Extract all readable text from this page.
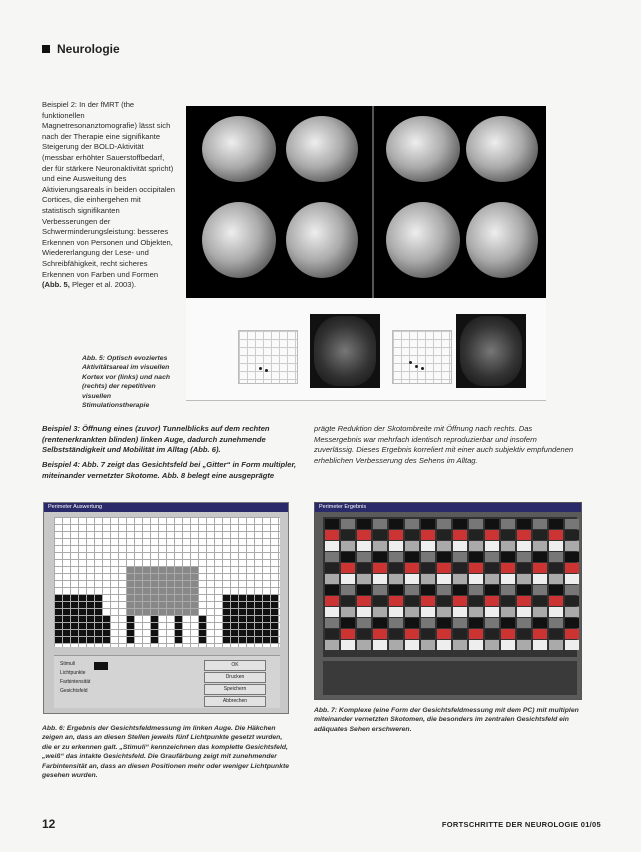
Neurologie
Beispiel 2: In der fMRT (the funktionellen Magnetresonanztomografie) lässt sich nach der Therapie eine signifikante Steigerung der BOLD-Aktivität (messbar erhöhter Sauerstoffbedarf, der für stärkere Neuronaktivität spricht) und eine Ausweitung des Aktivierungsareals in beiden occipitalen Cortices, die einhergehen mit statistisch signifikanten Verbesserungen der Schwerminderungsleistung: besseres Erkennen von Personen und Objekten, Wiedererlangung der Lese- und Schreibfähigkeit, recht sicheres Erkennen von Farben und Formen (Abb. 5, Pleger et al. 2003).
Abb. 5: Optisch evoziertes Aktivitätsareal im visuellen Kortex vor (links) und nach (rechts) der repetitiven visuellen Stimulationstherapie
Beispiel 3: Öffnung eines (zuvor) Tunnelblicks auf dem rechten (rentenerkrankten blinden) linken Auge, dadurch zunehmende Selbstständigkeit und Mobilität im Alltag (Abb. 6).
Beispiel 4: Abb. 7 zeigt das Gesichtsfeld bei „Gitter“ in Form multipler, miteinander vernetzter Skotome. Abb. 8 belegt eine ausgeprägte
prägte Reduktion der Skotombreite mit Öffnung nach rechts. Das Messergebnis war mehrfach identisch reproduzierbar und insofern zuverlässig. Dieses Ergebnis korreliert mit einer auch subjektiv empfundenen erheblichen Verbesserung des Sehens im Alltag.
Perimeter Auswertung
Stimuli
Lichtpunkte
Farbintensität
Gesichtsfeld
OK
Drucken
Speichern
Abbrechen
Perimeter Ergebnis
Abb. 6: Ergebnis der Gesichtsfeldmessung im linken Auge. Die Häkchen zeigen an, dass an diesen Stellen jeweils fünf Lichtpunkte gesetzt wurden, die er zu erkennen galt. „Stimuli“ kennzeichnen das komplette Gesichtsfeld, „weiß“ das intakte Gesichtsfeld. Die Graufärbung zeigt mit zunehmender Farbintensität an, dass an diesen Positionen mehr oder weniger Lichtpunkte gesehen wurden.
Abb. 7: Komplexe (eine Form der Gesichtsfeldmessung mit dem PC) mit multiplen miteinander vernetzten Skotomen, die besonders im zentralen Gesichtsfeld ein adäquates Sehen erschweren.
12	FORTSCHRITTE DER NEUROLOGIE 01/05
